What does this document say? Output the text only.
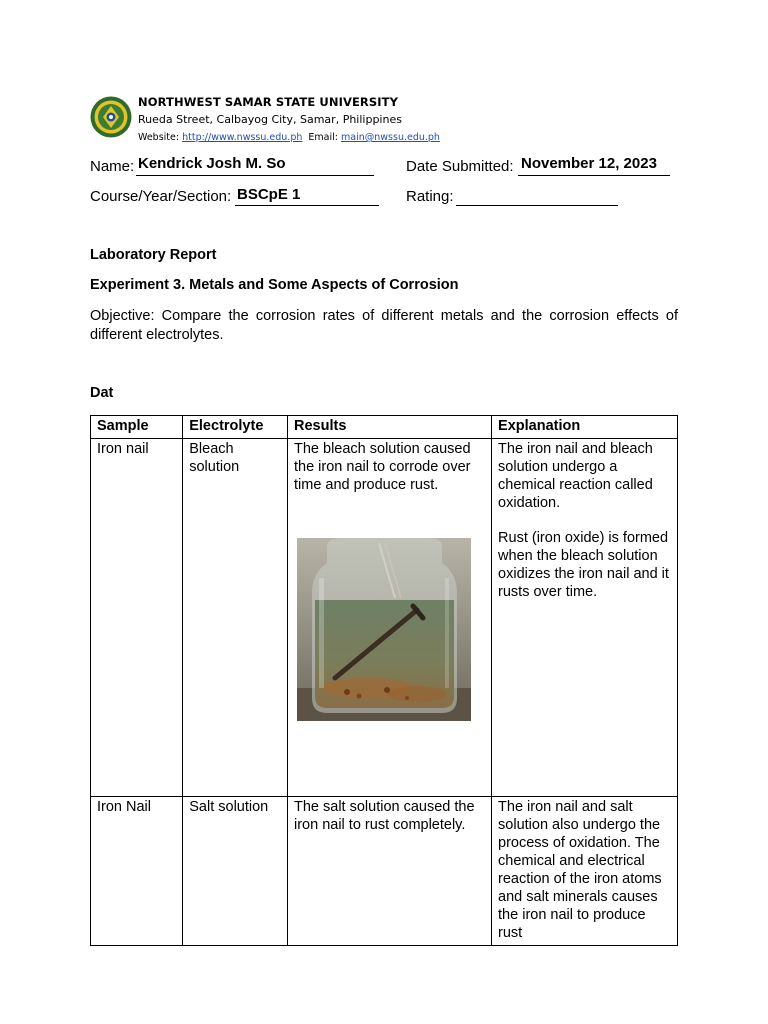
NORTHWEST SAMAR STATE UNIVERSITY
Rueda Street, Calbayog City, Samar, Philippines
Website: http://www.nwssu.edu.ph Email: main@nwssu.edu.ph
Name: Kendrick Josh M. So	Date Submitted: November 12, 2023
Course/Year/Section: BSCpE 1	Rating:
Laboratory Report
Experiment 3. Metals and Some Aspects of Corrosion
Objective: Compare the corrosion rates of different metals and the corrosion effects of different electrolytes.
Dat
Sample	Electrolyte	Results	Explanation
Iron nail	Bleach solution	The bleach solution caused the iron nail to corrode over time and produce rust.	The iron nail and bleach solution undergo a chemical reaction called oxidation.
Rust (iron oxide) is formed when the bleach solution oxidizes the iron nail and it rusts over time.

Iron Nail	Salt solution	The salt solution caused the iron nail to rust completely.	The iron nail and salt solution also undergo the process of oxidation. The chemical and electrical reaction of the iron atoms and salt minerals causes the iron nail to produce rust
